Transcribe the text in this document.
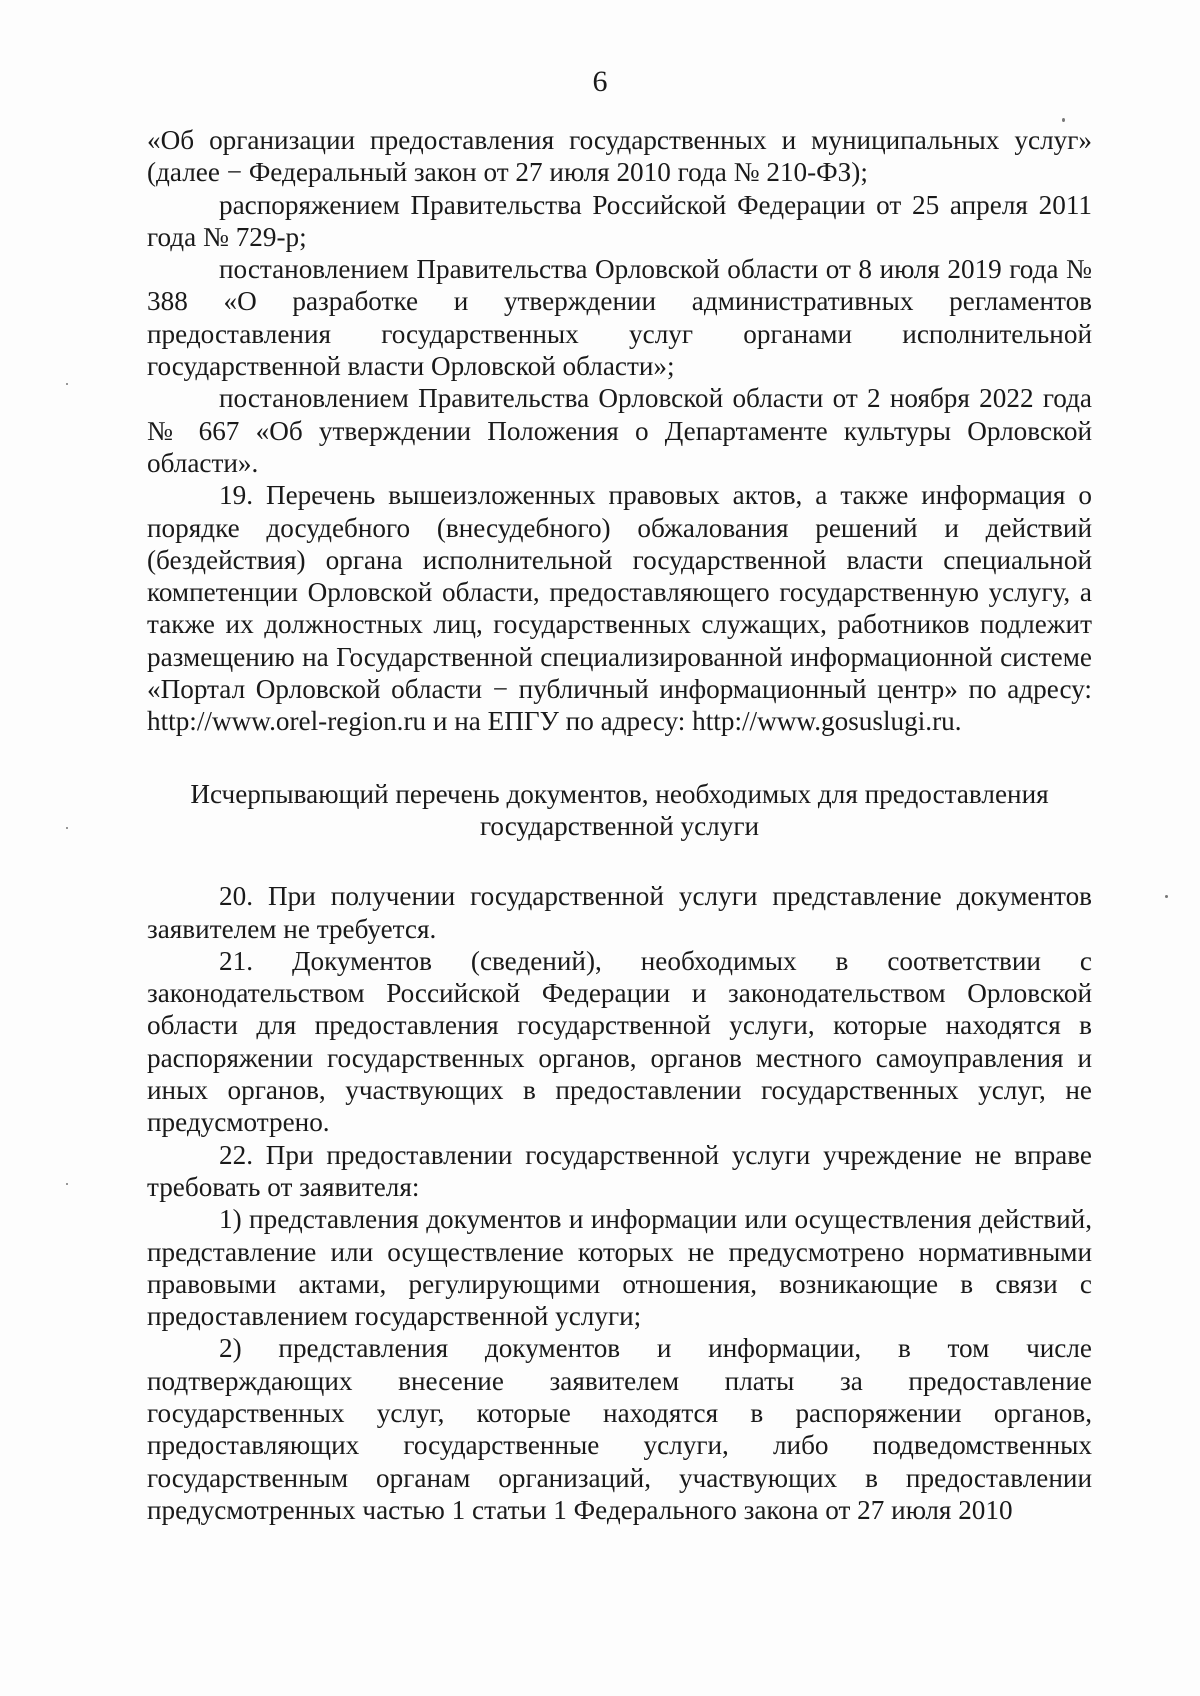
6

«Об организации предоставления государственных и муниципальных услуг» (далее − Федеральный закон от 27 июля 2010 года № 210-ФЗ);

распоряжением Правительства Российской Федерации от 25 апреля 2011 года № 729-р;

постановлением Правительства Орловской области от 8 июля 2019 года № 388 «О разработке и утверждении административных регламентов предоставления государственных услуг органами исполнительной государственной власти Орловской области»;

постановлением Правительства Орловской области от 2 ноября 2022 года № 667 «Об утверждении Положения о Департаменте культуры Орловской области».

19. Перечень вышеизложенных правовых актов, а также информация о порядке досудебного (внесудебного) обжалования решений и действий (бездействия) органа исполнительной государственной власти специальной компетенции Орловской области, предоставляющего государственную услугу, а также их должностных лиц, государственных служащих, работников подлежит размещению на Государственной специализированной информационной системе «Портал Орловской области − публичный информационный центр» по адресу: http://www.orel-region.ru и на ЕПГУ по адресу: http://www.gosuslugi.ru.

Исчерпывающий перечень документов, необходимых для предоставления
государственной услуги

20. При получении государственной услуги представление документов заявителем не требуется.

21. Документов (сведений), необходимых в соответствии с законодательством Российской Федерации и законодательством Орловской области для предоставления государственной услуги, которые находятся в распоряжении государственных органов, органов местного самоуправления и иных органов, участвующих в предоставлении государственных услуг, не предусмотрено.

22. При предоставлении государственной услуги учреждение не вправе требовать от заявителя:

1) представления документов и информации или осуществления действий, представление или осуществление которых не предусмотрено нормативными правовыми актами, регулирующими отношения, возникающие в связи с предоставлением государственной услуги;

2) представления документов и информации, в том числе подтверждающих внесение заявителем платы за предоставление государственных услуг, которые находятся в распоряжении органов, предоставляющих государственные услуги, либо подведомственных государственным органам организаций, участвующих в предоставлении предусмотренных частью 1 статьи 1 Федерального закона от 27 июля 2010
